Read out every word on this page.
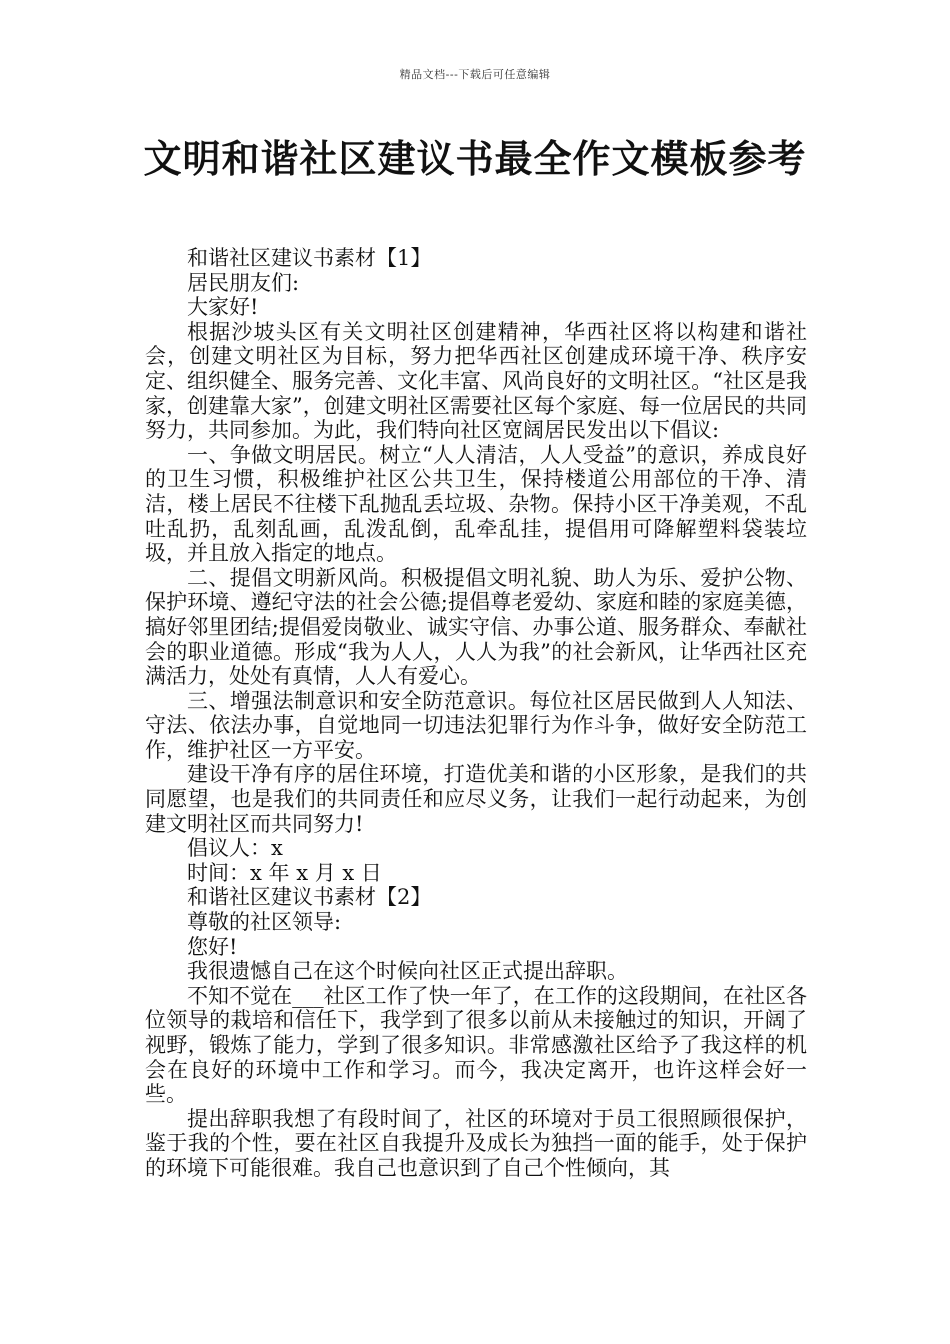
精品文档---下载后可任意编辑
文明和谐社区建议书最全作文模板参考

和谐社区建议书素材【1】

居民朋友们:

大家好!

根据沙坡头区有关文明社区创建精神，华西社区将以构建和谐社会，创建文明社区为目标，努力把华西社区创建成环境干净、秩序安定、组织健全、服务完善、文化丰富、风尚良好的文明社区。“社区是我家，创建靠大家”，创建文明社区需要社区每个家庭、每一位居民的共同努力，共同参加。为此，我们特向社区宽阔居民发出以下倡议:

一、争做文明居民。树立“人人清洁，人人受益”的意识，养成良好的卫生习惯，积极维护社区公共卫生，保持楼道公用部位的干净、清洁，楼上居民不往楼下乱抛乱丢垃圾、杂物。保持小区干净美观，不乱吐乱扔，乱刻乱画，乱泼乱倒，乱牵乱挂，提倡用可降解塑料袋装垃圾，并且放入指定的地点。

二、提倡文明新风尚。积极提倡文明礼貌、助人为乐、爱护公物、保护环境、遵纪守法的社会公德;提倡尊老爱幼、家庭和睦的家庭美德，搞好邻里团结;提倡爱岗敬业、诚实守信、办事公道、服务群众、奉献社会的职业道德。形成“我为人人，人人为我”的社会新风，让华西社区充满活力，处处有真情，人人有爱心。

三、增强法制意识和安全防范意识。每位社区居民做到人人知法、守法、依法办事，自觉地同一切违法犯罪行为作斗争，做好安全防范工作，维护社区一方平安。

建设干净有序的居住环境，打造优美和谐的小区形象，是我们的共同愿望，也是我们的共同责任和应尽义务，让我们一起行动起来，为创建文明社区而共同努力!

倡议人：x

时间：x 年 x 月 x 日

和谐社区建议书素材【2】

尊敬的社区领导:

您好!

我很遗憾自己在这个时候向社区正式提出辞职。

不知不觉在___社区工作了快一年了，在工作的这段期间，在社区各位领导的栽培和信任下，我学到了很多以前从未接触过的知识，开阔了视野，锻炼了能力，学到了很多知识。非常感激社区给予了我这样的机会在良好的环境中工作和学习。而今，我决定离开，也许这样会好一些。

提出辞职我想了有段时间了，社区的环境对于员工很照顾很保护，鉴于我的个性，要在社区自我提升及成长为独挡一面的能手，处于保护的环境下可能很难。我自己也意识到了自己个性倾向，其
